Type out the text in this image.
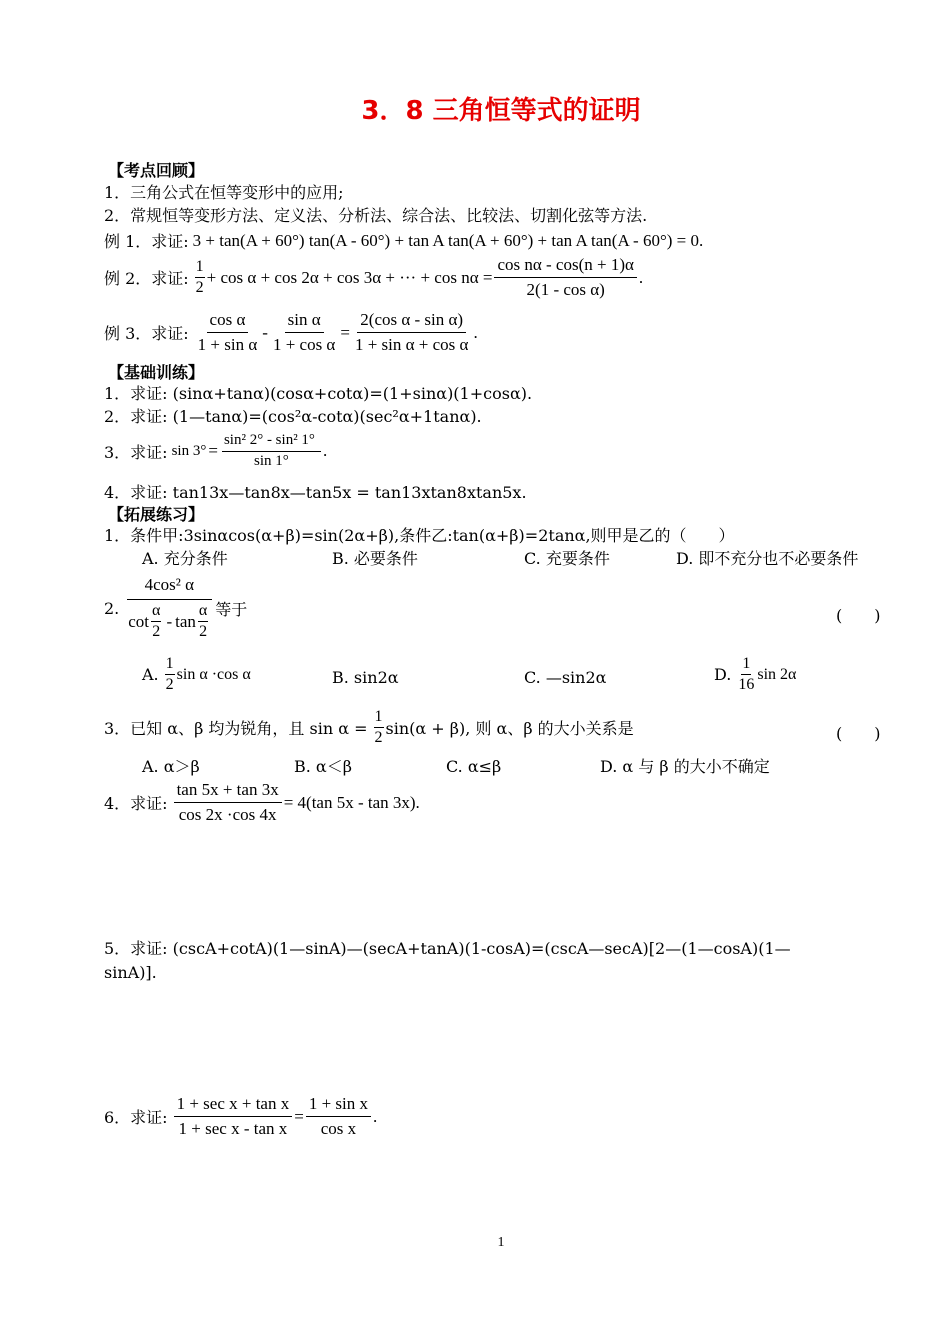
3．8 三角恒等式的证明
【考点回顾】
1．三角公式在恒等变形中的应用;
2．常规恒等变形方法、定义法、分析法、综合法、比较法、切割化弦等方法.
例 1．求证: 3 + tan(A + 60°) tan(A - 60°) + tan A tan(A + 60°) + tan A tan(A - 60°) = 0.
例 2．求证: $\frac{1}{2} + \cos \alpha + \cos 2\alpha + \cos 3\alpha$ + ··· + $\cos n\alpha = \frac{\text{cos nα - cos(n + 1)α}}{\text{2(1 - cos α)}}$ .
例 3．求证: $\frac{\text{cos α}}{\text{1 + sin α}} - \frac{\text{sin α}}{\text{1 + cos α}} = \frac{\text{2(cos α - sin α)}}{\text{1 + sin α + cos α}}$ .
【基础训练】
1．求证: (sinα+tanα)(cosα+cotα)=(1+sinα)(1+cosα).
2．求证: (1—tanα)=(cos²α-cotα)(sec²α+1tanα).
3．求证: $\sin 3^\circ = \frac{\text{sin² 2° - sin² 1°}}{\sin 1^\circ}$ .
4．求证: tan13x—tan8x—tan5x = tan13xtan8xtan5x.
【拓展练习】
1．条件甲:3sinαcos(α+β)=sin(2α+β),条件乙:tan(α+β)=2tanα,则甲是乙的（　　）
A. 充分条件	B. 必要条件	C. 充要条件	D. 即不充分也不必要条件
2.
4cos² α
$\cot \frac{\alpha}{2}$ - $\tan \frac{\alpha}{2}$ 等于	(　　)
A. $\frac{1}{2}$ sin α ·cos α	B. sin2α	C. —sin2α	D. $\frac{1}{16}$ sin 2α
3．已知 α、β 均为锐角，且 $\sin \alpha = \frac{1}{2} \sin(\alpha + \beta)$, 则 α、β 的大小关系是	(　　)
A. α＞β	B. α＜β	C. α≤β	D. α 与 β 的大小不确定
4．求证: $\frac{\tan 5x + \tan 3x}{\cos 2x \cdot\cos 4x} = 4(\tan$ 5x - tan 3x).
5．求证: (cscA+cotA)(1—sinA)—(secA+tanA)(1-cosA)=(cscA—secA)[2—(1—cosA)(1—
sinA)].
6．求证: $\frac{\text{1 + sec x + tan x}}{\text{1 + sec x - tan x}} = \frac{\text{1 + sin x}}{\text{cos x}}$ .
1
